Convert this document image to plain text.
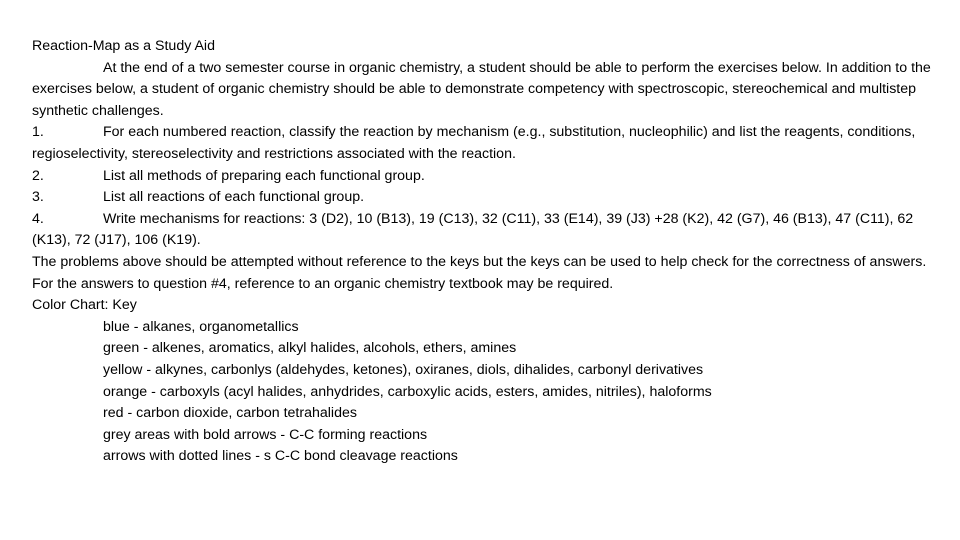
Reaction-Map as a Study Aid
At the end of a two semester course in organic chemistry, a student should be able to perform the exercises below. In addition to the exercises below, a student of organic chemistry should be able to demonstrate competency with spectroscopic, stereochemical and multistep synthetic challenges.
1.	For each numbered reaction, classify the reaction by mechanism (e.g., substitution, nucleophilic) and list the reagents, conditions, regioselectivity, stereoselectivity and restrictions associated with the reaction.
2.	List all methods of preparing each functional group.
3.	List all reactions of each functional group.
4.	Write mechanisms for reactions: 3 (D2), 10 (B13), 19 (C13), 32 (C11), 33 (E14), 39 (J3) +28 (K2), 42 (G7), 46 (B13), 47 (C11), 62 (K13), 72 (J17), 106 (K19).
The problems above should be attempted without reference to the keys but the keys can be used to help check for the correctness of answers. For the answers to question #4, reference to an organic chemistry textbook may be required.
Color Chart: Key
blue - alkanes, organometallics
green - alkenes, aromatics, alkyl halides, alcohols, ethers, amines
yellow - alkynes, carbonlys (aldehydes, ketones), oxiranes, diols, dihalides, carbonyl derivatives
orange - carboxyls (acyl halides, anhydrides, carboxylic acids, esters, amides, nitriles), haloforms
red - carbon dioxide, carbon tetrahalides
grey areas with bold arrows - C-C forming reactions
arrows with dotted lines - s C-C bond cleavage reactions
